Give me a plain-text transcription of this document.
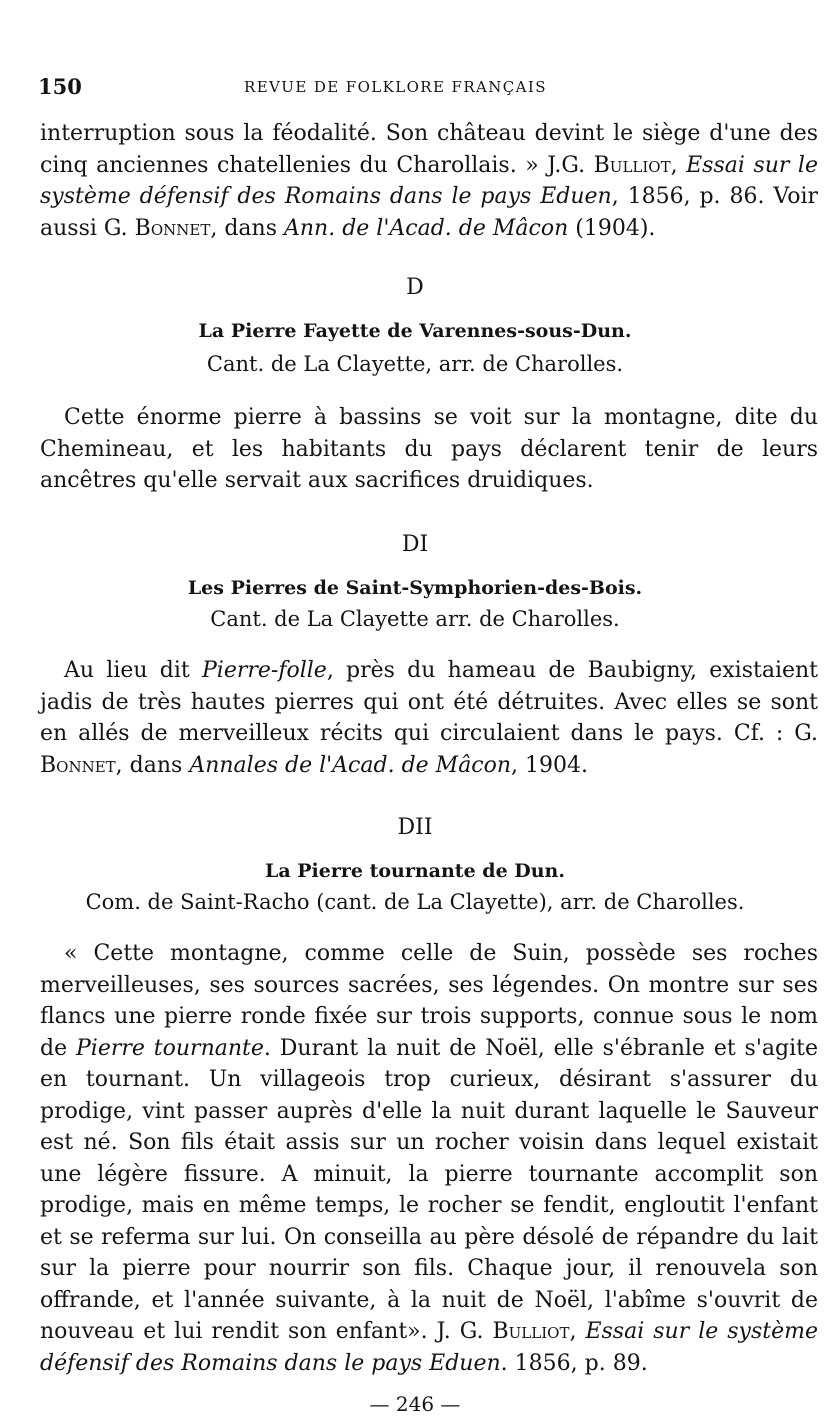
150	REVUE DE FOLKLORE FRANÇAIS

interruption sous la féodalité. Son château devint le siège d'une des cinq anciennes chatellenies du Charollais. » J.G. Bulliot, Essai sur le système défensif des Romains dans le pays Eduen, 1856, p. 86. Voir aussi G. Bonnet, dans Ann. de l'Acad. de Mâcon (1904).

D

La Pierre Fayette de Varennes-sous-Dun.

Cant. de La Clayette, arr. de Charolles.

Cette énorme pierre à bassins se voit sur la montagne, dite du Chemineau, et les habitants du pays déclarent tenir de leurs ancêtres qu'elle servait aux sacrifices druidiques.

DI

Les Pierres de Saint-Symphorien-des-Bois.

Cant. de La Clayette arr. de Charolles.

Au lieu dit Pierre-folle, près du hameau de Baubigny, existaient jadis de très hautes pierres qui ont été détruites. Avec elles se sont en allés de merveilleux récits qui circulaient dans le pays. Cf. : G. Bonnet, dans Annales de l'Acad. de Mâcon, 1904.

DII

La Pierre tournante de Dun.

Com. de Saint-Racho (cant. de La Clayette), arr. de Charolles.

« Cette montagne, comme celle de Suin, possède ses roches merveilleuses, ses sources sacrées, ses légendes. On montre sur ses flancs une pierre ronde fixée sur trois supports, connue sous le nom de Pierre tournante. Durant la nuit de Noël, elle s'ébranle et s'agite en tournant. Un villageois trop curieux, désirant s'assurer du prodige, vint passer auprès d'elle la nuit durant laquelle le Sauveur est né. Son fils était assis sur un rocher voisin dans lequel existait une légère fissure. A minuit, la pierre tournante accomplit son prodige, mais en même temps, le rocher se fendit, engloutit l'enfant et se referma sur lui. On conseilla au père désolé de répandre du lait sur la pierre pour nourrir son fils. Chaque jour, il renouvela son offrande, et l'année suivante, à la nuit de Noël, l'abîme s'ouvrit de nouveau et lui rendit son enfant». J. G. Bulliot, Essai sur le système défensif des Romains dans le pays Eduen. 1856, p. 89.

— 246 —
